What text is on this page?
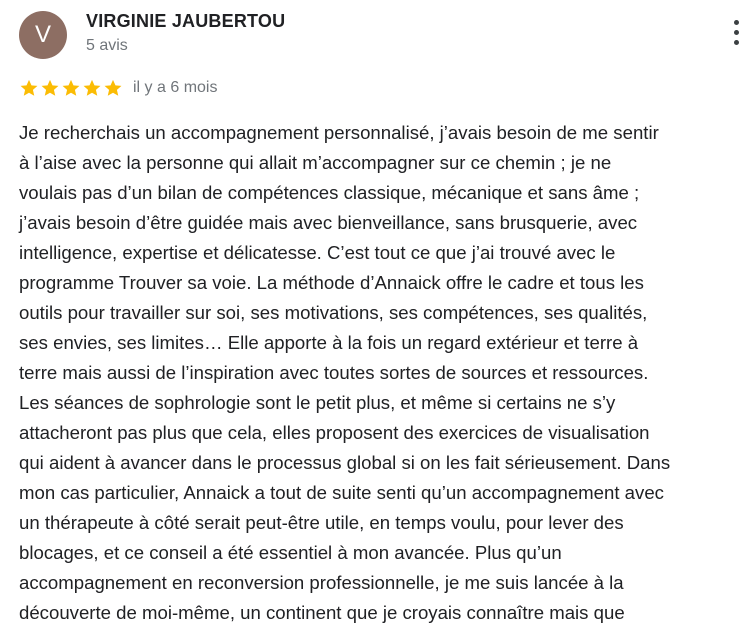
V	VIRGINIE JAUBERTOU
5 avis
il y a 6 mois

Je recherchais un accompagnement personnalisé, j’avais besoin de me sentir
à l’aise avec la personne qui allait m’accompagner sur ce chemin ; je ne
voulais pas d’un bilan de compétences classique, mécanique et sans âme ;
j’avais besoin d’être guidée mais avec bienveillance, sans brusquerie, avec
intelligence, expertise et délicatesse. C’est tout ce que j’ai trouvé avec le
programme Trouver sa voie. La méthode d’Annaick offre le cadre et tous les
outils pour travailler sur soi, ses motivations, ses compétences, ses qualités,
ses envies, ses limites… Elle apporte à la fois un regard extérieur et terre à
terre mais aussi de l’inspiration avec toutes sortes de sources et ressources.
Les séances de sophrologie sont le petit plus, et même si certains ne s’y
attacheront pas plus que cela, elles proposent des exercices de visualisation
qui aident à avancer dans le processus global si on les fait sérieusement. Dans
mon cas particulier, Annaick a tout de suite senti qu’un accompagnement avec
un thérapeute à côté serait peut-être utile, en temps voulu, pour lever des
blocages, et ce conseil a été essentiel à mon avancée. Plus qu’un
accompagnement en reconversion professionnelle, je me suis lancée à la
découverte de moi-même, un continent que je croyais connaître mais que
